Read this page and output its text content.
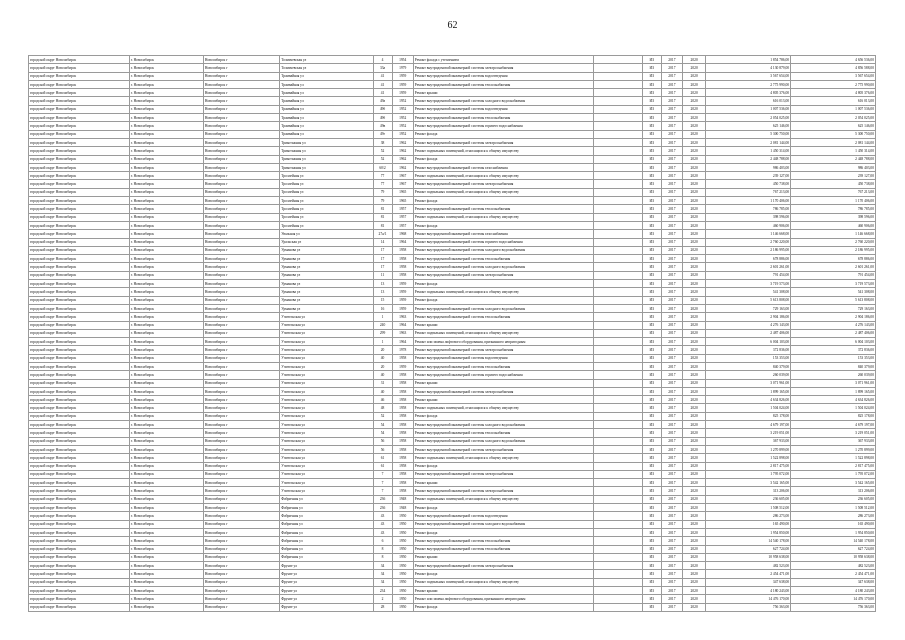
62
городской округ Новосибирск	г. Новосибирск	Новосибирск г	Толмачевская ул	4	1954	Ремонт фасада с утеплением		ИЗ	2017	2020	1 854 786,00	4 656 536,00
городской округ Новосибирск	г. Новосибирск	Новосибирск г	Толмачевская ул	33а	1979	Ремонт внутридомовой инженерной системы электроснабжения		ИЗ	2017	2020	4 130 879,00	4 856 588,00
городской округ Новосибирск	г. Новосибирск	Новосибирск г	Трамвайная ул	41	1959	Ремонт внутридомовой инженерной системы водоотведения		ИЗ	2017	2020	3 567 654,00	3 567 654,00
городской округ Новосибирск	г. Новосибирск	Новосибирск г	Трамвайная ул	41	1959	Ремонт внутридомовой инженерной системы теплоснабжения		ИЗ	2017	2020	2 775 990,00	2 775 990,00
городской округ Новосибирск	г. Новосибирск	Новосибирск г	Трамвайная ул	41	1959	Ремонт крыши		ИЗ	2017	2020	4 805 376,00	4 805 376,00
городской округ Новосибирск	г. Новосибирск	Новосибирск г	Трамвайная ул	49а	1952	Ремонт внутридомовой инженерной системы холодного водоснабжения		ИЗ	2017	2020	616 013,00	616 013,00
городской округ Новосибирск	г. Новосибирск	Новосибирск г	Трамвайная ул	49б	1952	Ремонт внутридомовой инженерной системы водоотведения		ИЗ	2017	2020	1 007 536,00	1 007 536,00
городской округ Новосибирск	г. Новосибирск	Новосибирск г	Трамвайная ул	49б	1952	Ремонт внутридомовой инженерной системы теплоснабжения		ИЗ	2017	2020	2 054 025,00	2 054 025,00
городской округ Новосибирск	г. Новосибирск	Новосибирск г	Трамвайная ул	49в	1952	Ремонт внутридомовой инженерной системы горячего водоснабжения		ИЗ	2017	2020	625 146,00	625 146,00
городской округ Новосибирск	г. Новосибирск	Новосибирск г	Трамвайная ул	49г	1952	Ремонт фасада		ИЗ	2017	2020	5 300 750,00	5 300 750,00
городской округ Новосибирск	г. Новосибирск	Новосибирск г	Трикотажная ул	38	1962	Ремонт внутридомовой инженерной системы электроснабжения		ИЗ	2017	2020	2 081 144,00	2 081 144,00
городской округ Новосибирск	г. Новосибирск	Новосибирск г	Трикотажная ул	52	1962	Ремонт подвальных помещений, относящихся к общему имуществу		ИЗ	2017	2020	1 450 314,00	1 450 314,00
городской округ Новосибирск	г. Новосибирск	Новосибирск г	Трикотажная ул	52	1962	Ремонт фасада		ИЗ	2017	2020	2 448 788,00	2 448 788,00
городской округ Новосибирск	г. Новосибирск	Новосибирск г	Трикотажная ул	60/2	1962	Ремонт внутридомовой инженерной системы газоснабжения		ИЗ	2017	2020	986 403,00	986 403,00
городской округ Новосибирск	г. Новосибирск	Новосибирск г	Троллейная ул	77	1967	Ремонт подвальных помещений, относящихся к общему имуществу		ИЗ	2017	2020	239 127,00	239 127,00
городской округ Новосибирск	г. Новосибирск	Новосибирск г	Троллейная ул	77	1967	Ремонт внутридомовой инженерной системы электроснабжения		ИЗ	2017	2020	450 738,00	450 738,00
городской округ Новосибирск	г. Новосибирск	Новосибирск г	Троллейная ул	79	1965	Ремонт подвальных помещений, относящихся к общему имуществу		ИЗ	2017	2020	767 213,00	767 213,00
городской округ Новосибирск	г. Новосибирск	Новосибирск г	Троллейная ул	79	1965	Ремонт фасада		ИЗ	2017	2020	1 170 406,00	1 170 406,00
городской округ Новосибирск	г. Новосибирск	Новосибирск г	Троллейная ул	81	1957	Ремонт внутридомовой инженерной системы теплоснабжения		ИЗ	2017	2020	786 785,00	786 785,00
городской округ Новосибирск	г. Новосибирск	Новосибирск г	Троллейная ул	81	1957	Ремонт подвальных помещений, относящихся к общему имуществу		ИЗ	2017	2020	398 596,00	398 596,00
городской округ Новосибирск	г. Новосибирск	Новосибирск г	Троллейная ул	81	1957	Ремонт фасада		ИЗ	2017	2020	460 906,00	460 906,00
городской округ Новосибирск	г. Новосибирск	Новосибирск г	Увальная ул	27а/1	1968	Ремонт внутридомовой инженерной системы газоснабжения		ИЗ	2017	2020	1 146 668,00	1 146 668,00
городской округ Новосибирск	г. Новосибирск	Новосибирск г	Уральская ул	14	1964	Ремонт внутридомовой инженерной системы горячего водоснабжения		ИЗ	2017	2020	2 760 220,00	2 760 220,00
городской округ Новосибирск	г. Новосибирск	Новосибирск г	Урманова ул	17	1958	Ремонт внутридомовой инженерной системы холодного водоснабжения		ИЗ	2017	2020	2 186 995,00	2 186 995,00
городской округ Новосибирск	г. Новосибирск	Новосибирск г	Урманова ул	17	1958	Ремонт внутридомовой инженерной системы теплоснабжения		ИЗ	2017	2020	678 886,00	678 886,00
городской округ Новосибирск	г. Новосибирск	Новосибирск г	Урманова ул	17	1958	Ремонт внутридомовой инженерной системы холодного водоснабжения		ИЗ	2017	2020	2 601 261,00	2 601 261,00
городской округ Новосибирск	г. Новосибирск	Новосибирск г	Урманова ул	11	1958	Ремонт внутридомовой инженерной системы электроснабжения		ИЗ	2017	2020	791 454,00	791 454,00
городской округ Новосибирск	г. Новосибирск	Новосибирск г	Урманова ул	13	1959	Ремонт фасада		ИЗ	2017	2020	3 719 573,00	3 719 573,00
городской округ Новосибирск	г. Новосибирск	Новосибирск г	Урманова ул	13	1959	Ремонт подвальных помещений, относящихся к общему имуществу		ИЗ	2017	2020	541 308,00	541 308,00
городской округ Новосибирск	г. Новосибирск	Новосибирск г	Урманова ул	15	1959	Ремонт фасада		ИЗ	2017	2020	5 613 808,00	5 613 808,00
городской округ Новосибирск	г. Новосибирск	Новосибирск г	Урманова ул	16	1959	Ремонт внутридомовой инженерной системы холодного водоснабжения		ИЗ	2017	2020	729 163,00	729 163,00
городской округ Новосибирск	г. Новосибирск	Новосибирск г	Учительская ул	1	1963	Ремонт внутридомовой инженерной системы теплоснабжения		ИЗ	2017	2020	2 904 186,00	2 904 186,00
городской округ Новосибирск	г. Новосибирск	Новосибирск г	Учительская ул	240	1964	Ремонт крыши		ИЗ	2017	2020	4 276 143,00	4 276 143,00
городской округ Новосибирск	г. Новосибирск	Новосибирск г	Учительская ул	299	1963	Ремонт подвальных помещений, относящихся к общему имуществу		ИЗ	2017	2020	2 487 406,00	2 487 406,00
городской округ Новосибирск	г. Новосибирск	Новосибирск г	Учительская ул	1	1964	Ремонт или замена лифтового оборудования, признанного непригодным		ИЗ	2017	2020	6 004 103,00	6 004 103,00
городской округ Новосибирск	г. Новосибирск	Новосибирск г	Учительская ул	20	1978	Ремонт внутридомовой инженерной системы электроснабжения		ИЗ	2017	2020	372 836,00	372 836,00
городской округ Новосибирск	г. Новосибирск	Новосибирск г	Учительская ул	40	1958	Ремонт внутридомовой инженерной системы водоотведения		ИЗ	2017	2020	153 353,00	153 353,00
городской округ Новосибирск	г. Новосибирск	Новосибирск г	Учительская ул	20	1959	Ремонт внутридомовой инженерной системы теплоснабжения		ИЗ	2017	2020	840 379,00	840 379,00
городской округ Новосибирск	г. Новосибирск	Новосибирск г	Учительская ул	40	1958	Ремонт внутридомовой инженерной системы горячего водоснабжения		ИЗ	2017	2020	260 039,00	260 039,00
городской округ Новосибирск	г. Новосибирск	Новосибирск г	Учительская ул	31	1958	Ремонт крыши		ИЗ	2017	2020	3 071 961,00	3 071 961,00
городской округ Новосибирск	г. Новосибирск	Новосибирск г	Учительская ул	40	1958	Ремонт внутридомовой инженерной системы электроснабжения		ИЗ	2017	2020	1 899 165,00	1 899 165,00
городской округ Новосибирск	г. Новосибирск	Новосибирск г	Учительская ул	46	1958	Ремонт крыши		ИЗ	2017	2020	4 634 826,00	4 634 826,00
городской округ Новосибирск	г. Новосибирск	Новосибирск г	Учительская ул	48	1958	Ремонт подвальных помещений, относящихся к общему имуществу		ИЗ	2017	2020	1 504 024,00	1 504 024,00
городской округ Новосибирск	г. Новосибирск	Новосибирск г	Учительская ул	52	1958	Ремонт фасада		ИЗ	2017	2020	825 178,00	825 178,00
городской округ Новосибирск	г. Новосибирск	Новосибирск г	Учительская ул	54	1958	Ремонт внутридомовой инженерной системы холодного водоснабжения		ИЗ	2017	2020	4 679 197,00	4 679 197,00
городской округ Новосибирск	г. Новосибирск	Новосибирск г	Учительская ул	54	1958	Ремонт внутридомовой инженерной системы теплоснабжения		ИЗ	2017	2020	3 219 051,00	3 219 051,00
городской округ Новосибирск	г. Новосибирск	Новосибирск г	Учительская ул	56	1958	Ремонт внутридомовой инженерной системы холодного водоснабжения		ИЗ	2017	2020	367 933,00	367 933,00
городской округ Новосибирск	г. Новосибирск	Новосибирск г	Учительская ул	56	1958	Ремонт внутридомовой инженерной системы электроснабжения		ИЗ	2017	2020	1 270 899,00	1 270 899,00
городской округ Новосибирск	г. Новосибирск	Новосибирск г	Учительская ул	61	1958	Ремонт подвальных помещений, относящихся к общему имуществу		ИЗ	2017	2020	1 522 898,00	1 522 898,00
городской округ Новосибирск	г. Новосибирск	Новосибирск г	Учительская ул	61	1958	Ремонт фасада		ИЗ	2017	2020	2 817 475,00	2 817 475,00
городской округ Новосибирск	г. Новосибирск	Новосибирск г	Учительская ул	7	1958	Ремонт внутридомовой инженерной системы электроснабжения		ИЗ	2017	2020	1 795 072,00	1 795 072,00
городской округ Новосибирск	г. Новосибирск	Новосибирск г	Учительская ул	7	1958	Ремонт крыши		ИЗ	2017	2020	3 542 165,00	3 542 165,00
городской округ Новосибирск	г. Новосибирск	Новосибирск г	Учительская ул	7	1958	Ремонт внутридомовой инженерной системы электроснабжения		ИЗ	2017	2020	313 206,00	313 206,00
городской округ Новосибирск	г. Новосибирск	Новосибирск г	Фабричная ул	236	1948	Ремонт подвальных помещений, относящихся к общему имуществу		ИЗ	2017	2020	236 605,00	236 605,00
городской округ Новосибирск	г. Новосибирск	Новосибирск г	Фабричная ул	236	1948	Ремонт фасада		ИЗ	2017	2020	1 508 512,00	1 508 512,00
городской округ Новосибирск	г. Новосибирск	Новосибирск г	Фабричная ул	43	1950	Ремонт внутридомовой инженерной системы водоотведения		ИЗ	2017	2020	286 273,00	286 273,00
городской округ Новосибирск	г. Новосибирск	Новосибирск г	Фабричная ул	43	1950	Ремонт внутридомовой инженерной системы холодного водоснабжения		ИЗ	2017	2020	165 490,00	165 490,00
городской округ Новосибирск	г. Новосибирск	Новосибирск г	Фабричная ул	43	1950	Ремонт фасада		ИЗ	2017	2020	1 954 850,00	1 954 850,00
городской округ Новосибирск	г. Новосибирск	Новосибирск г	Фабричная ул	6	1950	Ремонт внутридомовой инженерной системы теплоснабжения		ИЗ	2017	2020	14 540 178,00	14 540 178,00
городской округ Новосибирск	г. Новосибирск	Новосибирск г	Фабричная ул	8	1950	Ремонт внутридомовой инженерной системы теплоснабжения		ИЗ	2017	2020	627 724,00	627 724,00
городской округ Новосибирск	г. Новосибирск	Новосибирск г	Фабричная ул	8	1950	Ремонт крыши		ИЗ	2017	2020	10 958 638,00	10 958 638,00
городской округ Новосибирск	г. Новосибирск	Новосибирск г	Фрунзе ул	34	1950	Ремонт внутридомовой инженерной системы электроснабжения		ИЗ	2017	2020	482 523,00	482 523,00
городской округ Новосибирск	г. Новосибирск	Новосибирск г	Фрунзе ул	34	1950	Ремонт фасада		ИЗ	2017	2020	2 454 471,00	2 454 471,00
городской округ Новосибирск	г. Новосибирск	Новосибирск г	Фрунзе ул	34	1950	Ремонт подвальных помещений, относящихся к общему имуществу		ИЗ	2017	2020	347 638,00	347 638,00
городской округ Новосибирск	г. Новосибирск	Новосибирск г	Фрунзе ул	234	1950	Ремонт крыши		ИЗ	2017	2020	4 180 243,00	4 180 243,00
городской округ Новосибирск	г. Новосибирск	Новосибирск г	Фрунзе ул	2	1950	Ремонт или замена лифтового оборудования, признанного непригодным		ИЗ	2017	2020	14 476 170,00	14 476 170,00
городской округ Новосибирск	г. Новосибирск	Новосибирск г	Фрунзе ул	28	1950	Ремонт фасада		ИЗ	2017	2020	756 363,00	756 363,00
